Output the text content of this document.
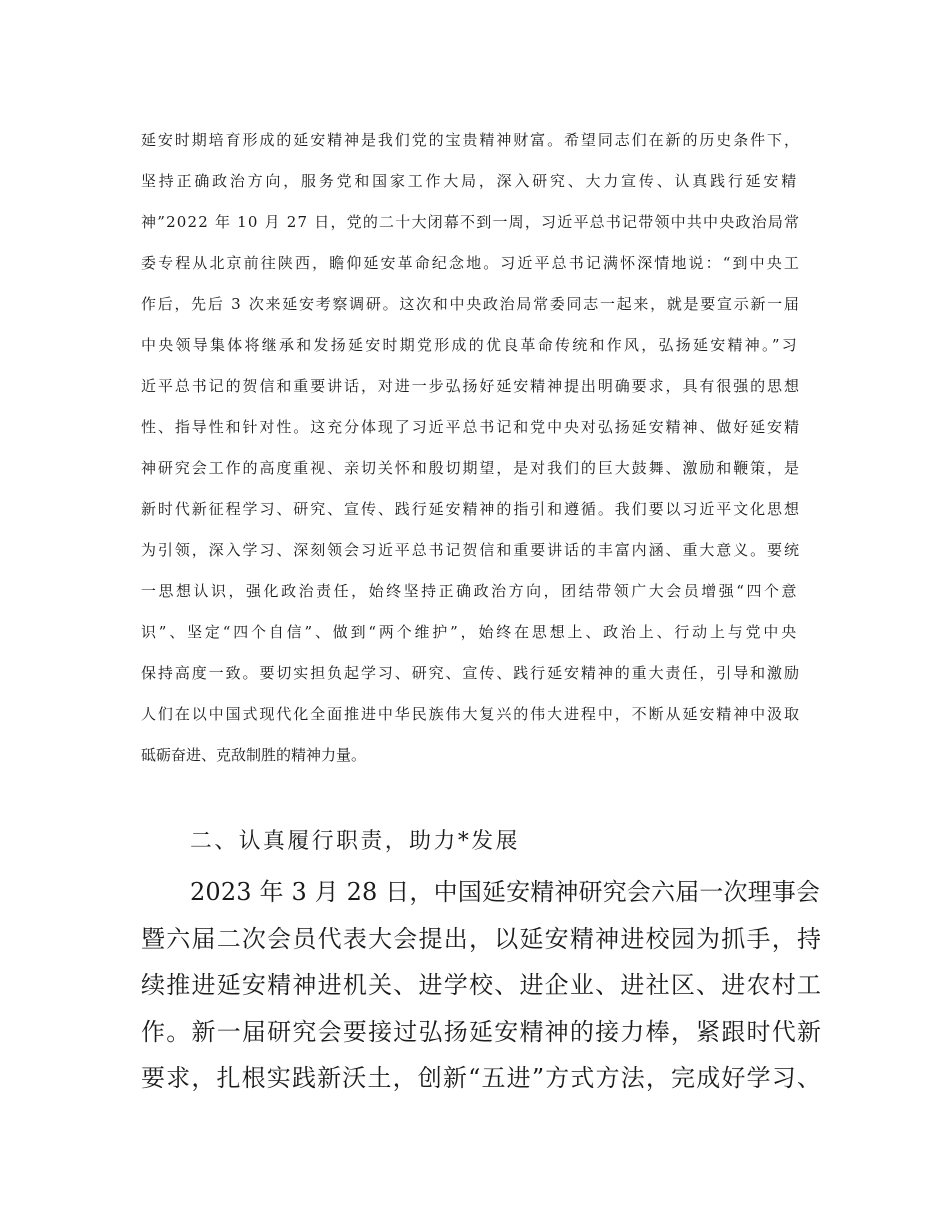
延安时期培育形成的延安精神是我们党的宝贵精神财富。希望同志们在新的历史条件下，
坚持正确政治方向，服务党和国家工作大局，深入研究、大力宣传、认真践行延安精
神”2022 年 10 月 27 日，党的二十大闭幕不到一周，习近平总书记带领中共中央政治局常
委专程从北京前往陕西，瞻仰延安革命纪念地。习近平总书记满怀深情地说：“到中央工
作后，先后 3 次来延安考察调研。这次和中央政治局常委同志一起来，就是要宣示新一届
中央领导集体将继承和发扬延安时期党形成的优良革命传统和作风，弘扬延安精神。”习
近平总书记的贺信和重要讲话，对进一步弘扬好延安精神提出明确要求，具有很强的思想
性、指导性和针对性。这充分体现了习近平总书记和党中央对弘扬延安精神、做好延安精
神研究会工作的高度重视、亲切关怀和殷切期望，是对我们的巨大鼓舞、激励和鞭策，是
新时代新征程学习、研究、宣传、践行延安精神的指引和遵循。我们要以习近平文化思想
为引领，深入学习、深刻领会习近平总书记贺信和重要讲话的丰富内涵、重大意义。要统
一思想认识，强化政治责任，始终坚持正确政治方向，团结带领广大会员增强“四个意
识”、坚定“四个自信”、做到“两个维护”，始终在思想上、政治上、行动上与党中央
保持高度一致。要切实担负起学习、研究、宣传、践行延安精神的重大责任，引导和激励
人们在以中国式现代化全面推进中华民族伟大复兴的伟大进程中，不断从延安精神中汲取
砥砺奋进、克敌制胜的精神力量。
二、认真履行职责，助力*发展
2023 年 3 月 28 日，中国延安精神研究会六届一次理事会
暨六届二次会员代表大会提出，以延安精神进校园为抓手，持
续推进延安精神进机关、进学校、进企业、进社区、进农村工
作。新一届研究会要接过弘扬延安精神的接力棒，紧跟时代新
要求，扎根实践新沃土，创新“五进”方式方法，完成好学习、
